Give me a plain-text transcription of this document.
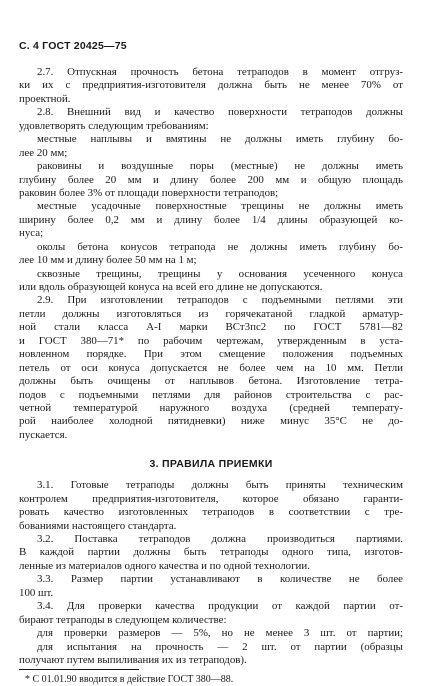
С. 4 ГОСТ 20425—75
2.7. Отпускная прочность бетона тетраподов в момент отгруз-
ки их с предприятия-изготовителя должна быть не менее 70% от
проектной.
2.8. Внешний вид и качество поверхности тетраподов должны
удовлетворять следующим требованиям:
местные наплывы и вмятины не должны иметь глубину бо-
лее 20 мм;
раковины и воздушные поры (местные) не должны иметь
глубину более 20 мм и длину более 200 мм и общую площадь
раковин более 3% от площади поверхности тетраподов;
местные усадочные поверхностные трещины не должны иметь
ширину более 0,2 мм и длину более 1/4 длины образующей ко-
нуса;
околы бетона конусов тетрапода не должны иметь глубину бо-
лее 10 мм и длину более 50 мм на 1 м;
сквозные трещины, трещины у основания усеченного конуса
или вдоль образующей конуса на всей его длине не допускаются.
2.9. При изготовлении тетраподов с подъемными петлями эти
петли должны изготовляться из горячекатаной гладкой арматур-
ной стали класса А-I марки ВСт3пс2 по ГОСТ 5781—82
и ГОСТ 380—71* по рабочим чертежам, утвержденным в уста-
новленном порядке. При этом смещение положения подъемных
петель от оси конуса допускается не более чем на 10 мм. Петли
должны быть очищены от наплывов бетона. Изготовление тетра-
подов с подъемными петлями для районов строительства с рас-
четной температурой наружного воздуха (средней температу-
рой наиболее холодной пятидневки) ниже минус 35°С не до-
пускается.
3. ПРАВИЛА ПРИЕМКИ
3.1. Готовые тетраподы должны быть приняты техническим
контролем предприятия-изготовителя, которое обязано гаранти-
ровать качество изготовленных тетраподов в соответствии с тре-
бованиями настоящего стандарта.
3.2. Поставка тетраподов должна производиться партиями.
В каждой партии должны быть тетраподы одного типа, изготов-
ленные из материалов одного качества и по одной технологии.
3.3. Размер партии устанавливают в количестве не более
100 шт.
3.4. Для проверки качества продукции от каждой партии от-
бирают тетраподы в следующем количестве:
для проверки размеров — 5%, но не менее 3 шт. от партии;
для испытания на прочность — 2 шт. от партии (образцы
получают путем выпиливания их из тетраподов).
* С 01.01.90 вводится в действие ГОСТ 380—88.
